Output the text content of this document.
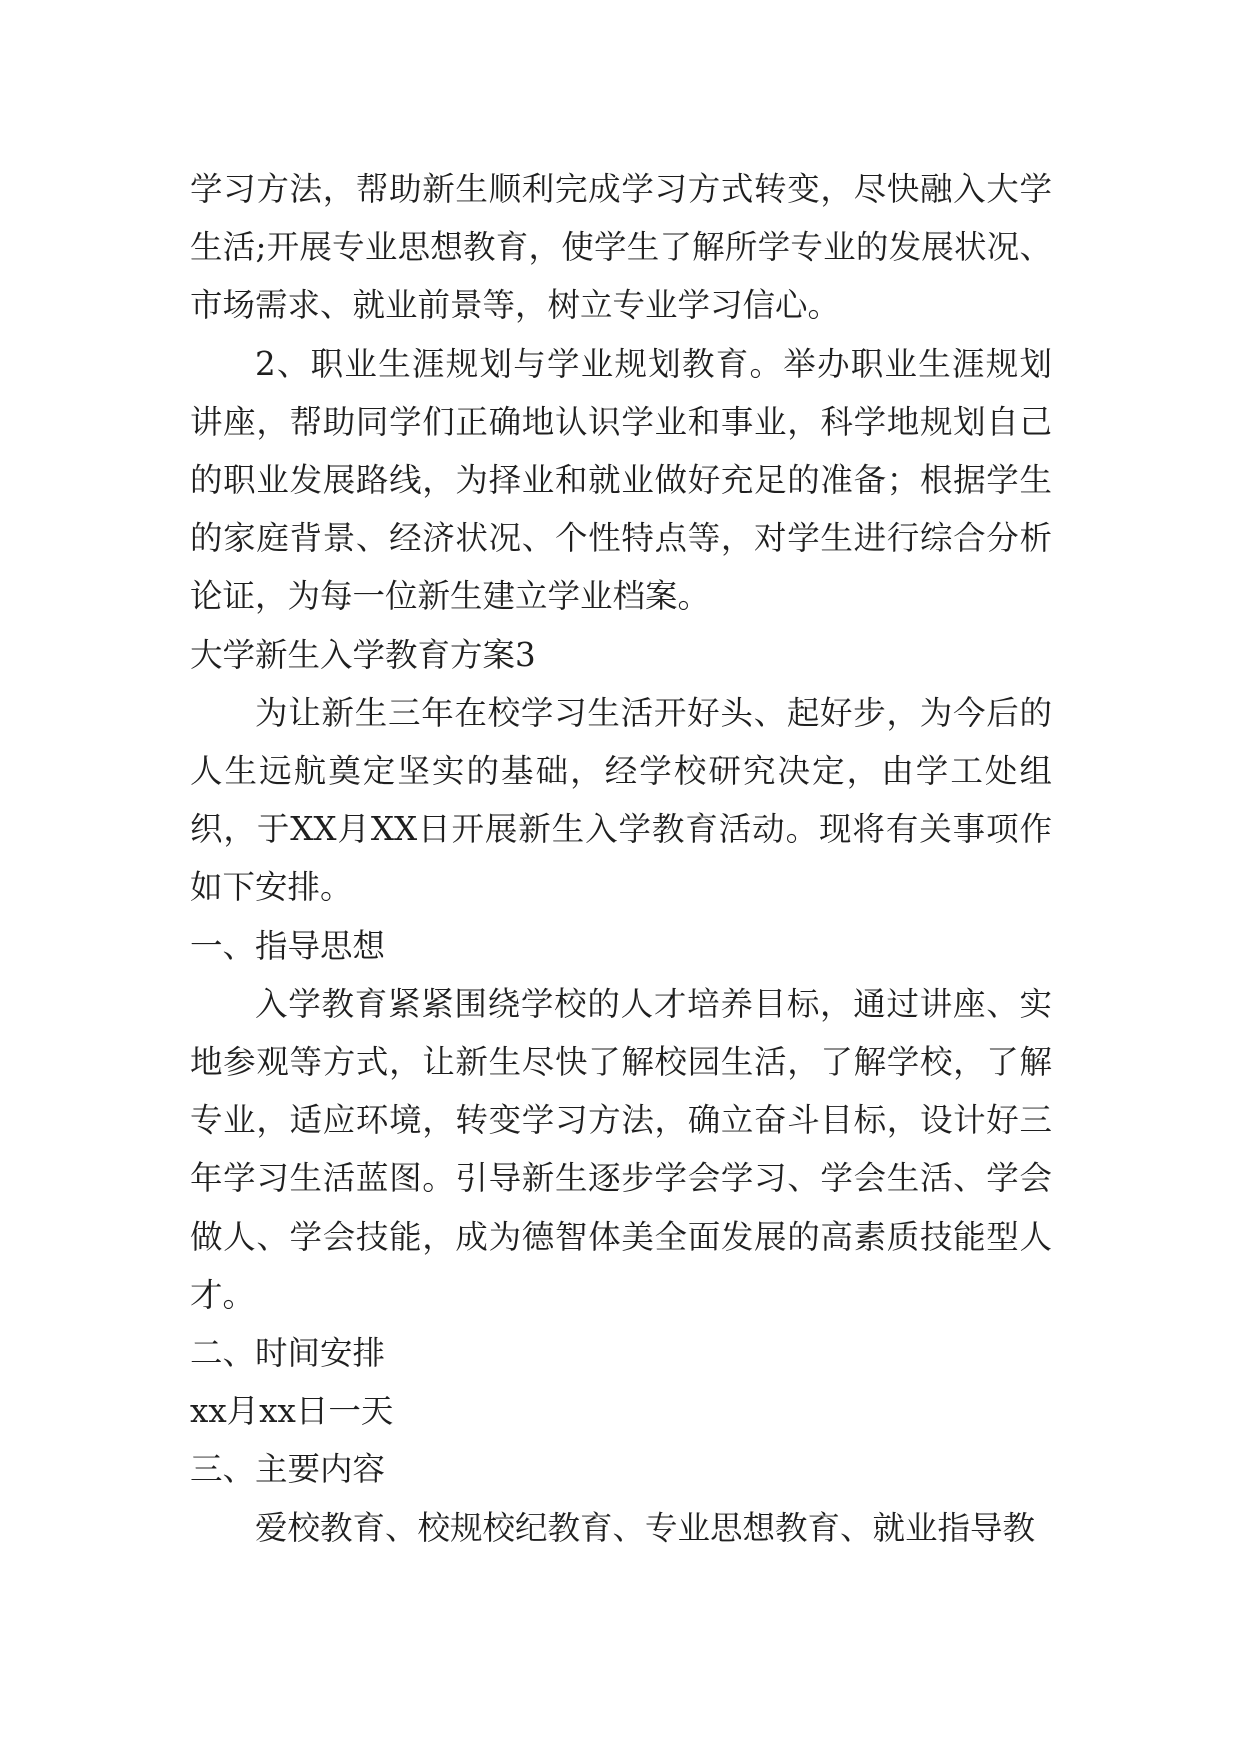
学习方法，帮助新生顺利完成学习方式转变，尽快融入大学生活;开展专业思想教育，使学生了解所学专业的发展状况、市场需求、就业前景等，树立专业学习信心。

2、职业生涯规划与学业规划教育。举办职业生涯规划讲座，帮助同学们正确地认识学业和事业，科学地规划自己的职业发展路线，为择业和就业做好充足的准备；根据学生的家庭背景、经济状况、个性特点等，对学生进行综合分析论证，为每一位新生建立学业档案。

大学新生入学教育方案3

为让新生三年在校学习生活开好头、起好步，为今后的人生远航奠定坚实的基础，经学校研究决定，由学工处组织，于XX月XX日开展新生入学教育活动。现将有关事项作如下安排。

一、指导思想

入学教育紧紧围绕学校的人才培养目标，通过讲座、实地参观等方式，让新生尽快了解校园生活，了解学校，了解专业，适应环境，转变学习方法，确立奋斗目标，设计好三年学习生活蓝图。引导新生逐步学会学习、学会生活、学会做人、学会技能，成为德智体美全面发展的高素质技能型人才。

二、时间安排

xx月xx日一天

三、主要内容

爱校教育、校规校纪教育、专业思想教育、就业指导教
